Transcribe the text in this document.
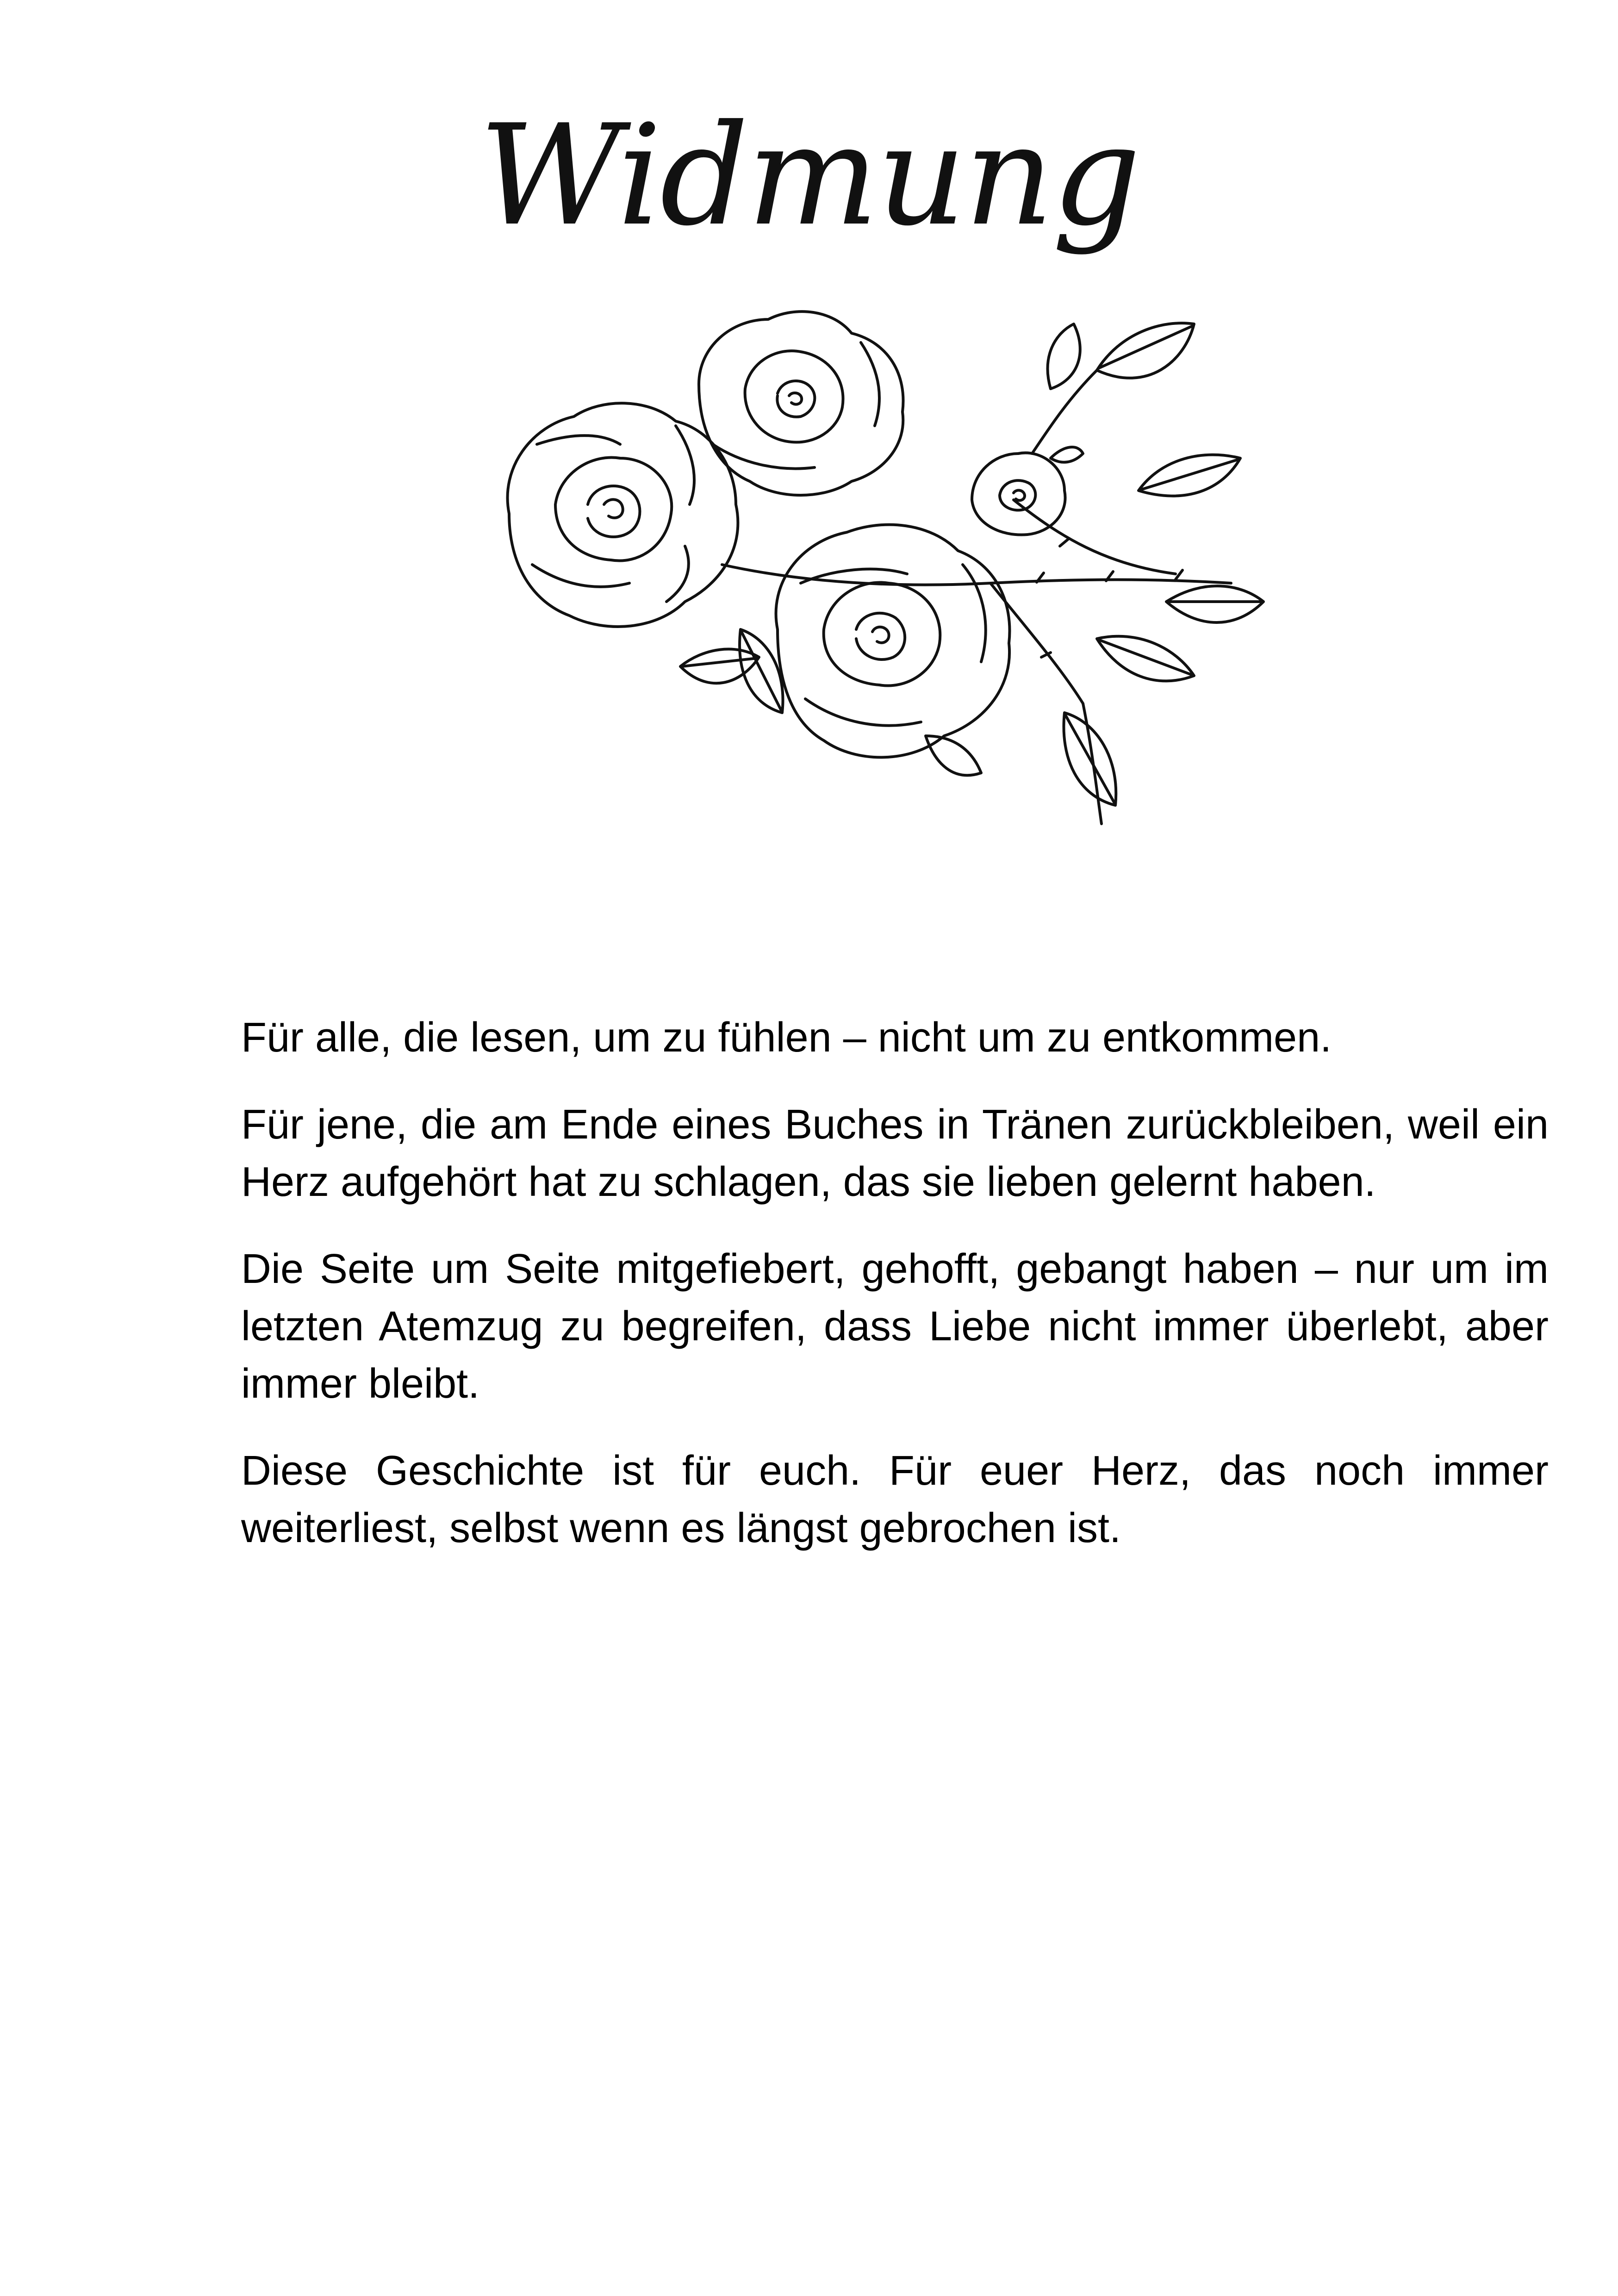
Widmung

Für alle, die lesen, um zu fühlen – nicht um zu entkommen.

Für jene, die am Ende eines Buches in Tränen zurückbleiben, weil ein Herz aufgehört hat zu schlagen, das sie lieben gelernt haben.

Die Seite um Seite mitgefiebert, gehofft, gebangt haben – nur um im letzten Atemzug zu begreifen, dass Liebe nicht immer überlebt, aber immer bleibt.

Diese Geschichte ist für euch. Für euer Herz, das noch immer weiterliest, selbst wenn es längst gebrochen ist.
